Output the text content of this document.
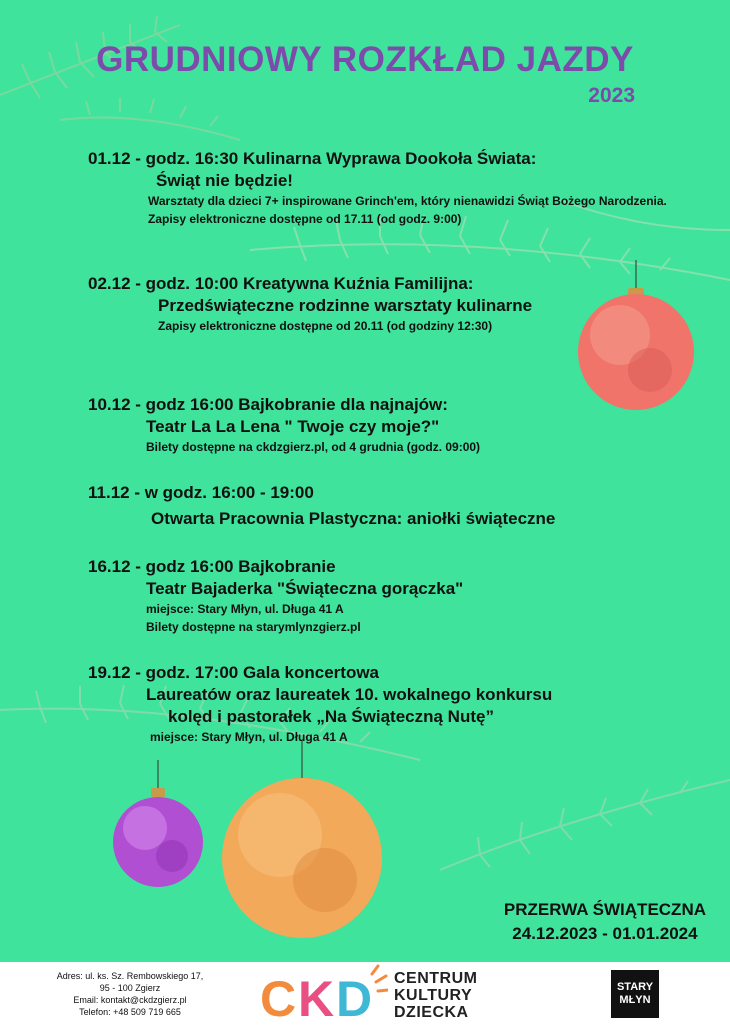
GRUDNIOWY ROZKŁAD JAZDY
2023
01.12 - godz. 16:30 Kulinarna Wyprawa Dookoła Świata:
Świąt nie będzie!
Warsztaty dla dzieci 7+ inspirowane Grinch'em, który nienawidzi Świąt Bożego Narodzenia.
Zapisy elektroniczne dostępne od 17.11 (od godz. 9:00)
02.12 - godz. 10:00 Kreatywna Kuźnia Familijna:
Przedświąteczne rodzinne warsztaty kulinarne
Zapisy elektroniczne dostępne od 20.11 (od godziny 12:30)
10.12 - godz 16:00 Bajkobranie dla najnajów:
Teatr La La Lena " Twoje czy moje?"
Bilety dostępne na ckdzgierz.pl, od 4 grudnia (godz. 09:00)
11.12 - w godz. 16:00 - 19:00
Otwarta Pracownia Plastyczna: aniołki świąteczne
16.12 - godz 16:00 Bajkobranie
Teatr Bajaderka "Świąteczna gorączka"
miejsce: Stary Młyn, ul. Długa 41 A
Bilety dostępne na starymlynzgierz.pl
19.12 - godz. 17:00 Gala koncertowa
Laureatów oraz laureatek 10. wokalnego konkursu
kolęd i pastorałek „Na Świąteczną Nutę”
miejsce: Stary Młyn, ul. Długa 41 A
PRZERWA ŚWIĄTECZNA
24.12.2023 - 01.01.2024
Adres: ul. ks. Sz. Rembowskiego 17,
95 - 100 Zgierz
Email: kontakt@ckdzgierz.pl
Telefon: +48 509 719 665	C K D CENTRUM
KULTURY
DZIECKA
STARY
MŁYN
